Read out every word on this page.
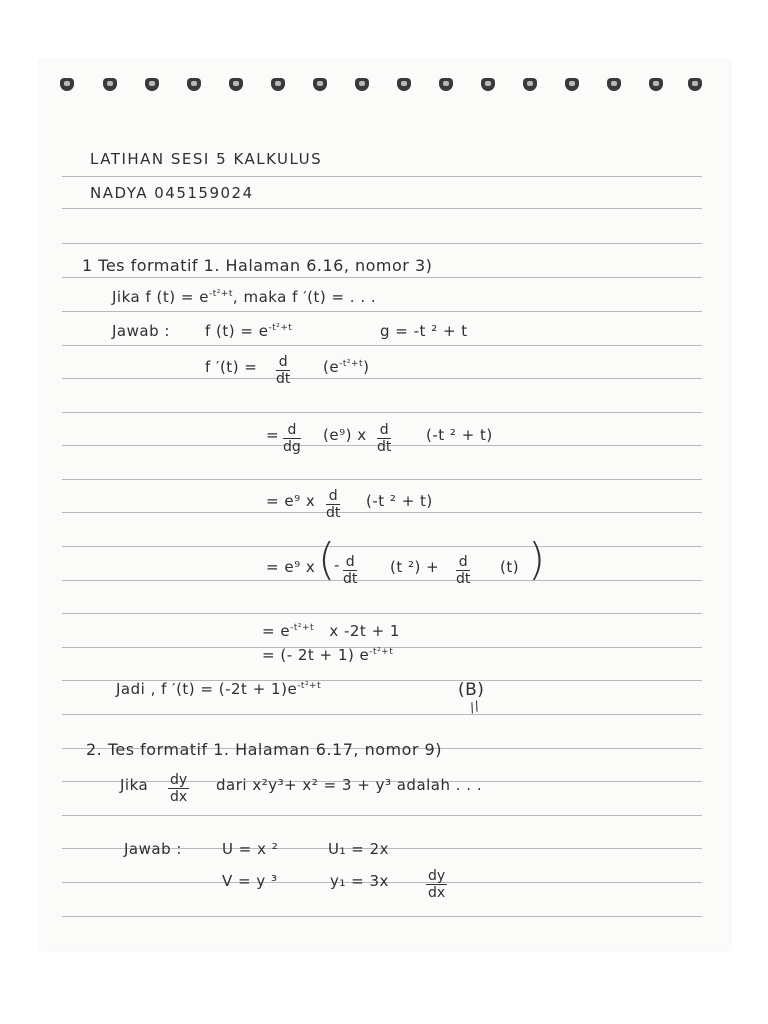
LATIHAN SESI 5 KALKULUS
NADYA 045159024
1 Tes formatif 1. Halaman 6.16, nomor 3)
Jika f $(t) = e^{-t^2+t}$, maka f ′(t) = . . .
Jawab : f $(t) = e^{-t^2+t}$	g = -t ² + t
f $'(t) = \frac{d}{dt} (e^{-t^2+t})$
= $\frac{d}{dg} (e^9)$ x $\frac{d}{dt} (-t$ ² + t)
= e⁹ x $\frac{d}{dt} (-t$ ² + t)
= e⁹ x (
- $\frac{d}{dt} (t$ $^2) + \frac{d}{dt} (t)$ )
= $e^{-t^2+t}$ x -2t + 1
= (- 2t + 1) $e^{-t^2+t}$
Jadi , f $'(t) = (-2t + 1)e^{-t^2+t}$	(B)
//
2. Tes formatif 1. Halaman 6.17, nomor 9)
Jika $\frac{dy}{dx}$ dari x²y³+ x² = 3 + y³ adalah . . .
Jawab :	U = x ²	U₁ = 2x
V = y ³	y₁ = 3x	$\frac{dy}{dx}$
